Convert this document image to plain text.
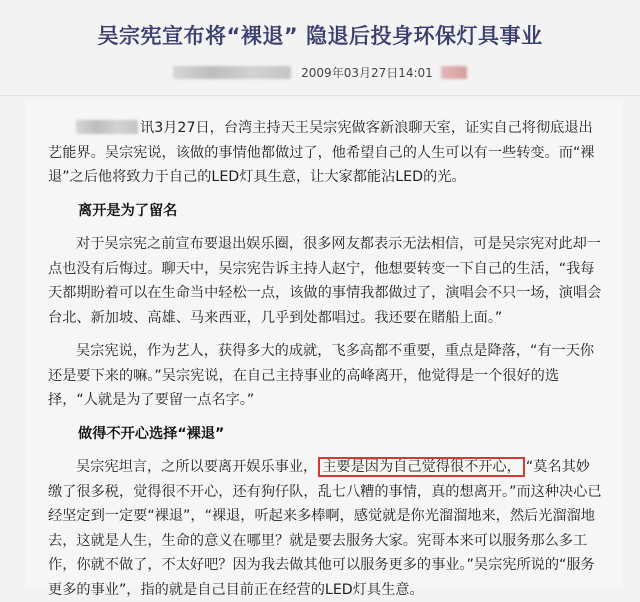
吴宗宪宣布将“裸退” 隐退后投身环保灯具事业
2009年03月27日14:01

讯3月27日，台湾主持天王吴宗宪做客新浪聊天室，证实自己将彻底退出艺能界。吴宗宪说，该做的事情他都做过了，他希望自己的人生可以有一些转变。而“裸退”之后他将致力于自己的LED灯具生意，让大家都能沾LED的光。

离开是为了留名

对于吴宗宪之前宣布要退出娱乐圈，很多网友都表示无法相信，可是吴宗宪对此却一点也没有后悔过。聊天中，吴宗宪告诉主持人赵宁，他想要转变一下自己的生活，“我每天都期盼着可以在生命当中轻松一点，该做的事情我都做过了，演唱会不只一场，演唱会台北、新加坡、高雄、马来西亚，几乎到处都唱过。我还要在賭船上面。”

吴宗宪说，作为艺人，获得多大的成就，飞多高都不重要，重点是降落，“有一天你还是要下来的嘛。”吴宗宪说，在自己主持事业的高峰离开，他觉得是一个很好的选择，“人就是为了要留一点名字。”

做得不开心选择“裸退”

吴宗宪坦言，之所以要离开娱乐事业， 主要是因为自己觉得很不开心， “莫名其妙缴了很多税，觉得很不开心，还有狗仔队，乱七八糟的事情，真的想离开。”而这种决心已经坚定到一定要“裸退”，“裸退，听起来多棒啊，感觉就是你光溜溜地来，然后光溜溜地去，这就是人生，生命的意义在哪里？就是要去服务大家。宪哥本来可以服务那么多工作，你就不做了，不太好吧？因为我去做其他可以服务更多的事业。”吴宗宪所说的“服务更多的事业”，指的就是自己目前正在经营的LED灯具生意。
